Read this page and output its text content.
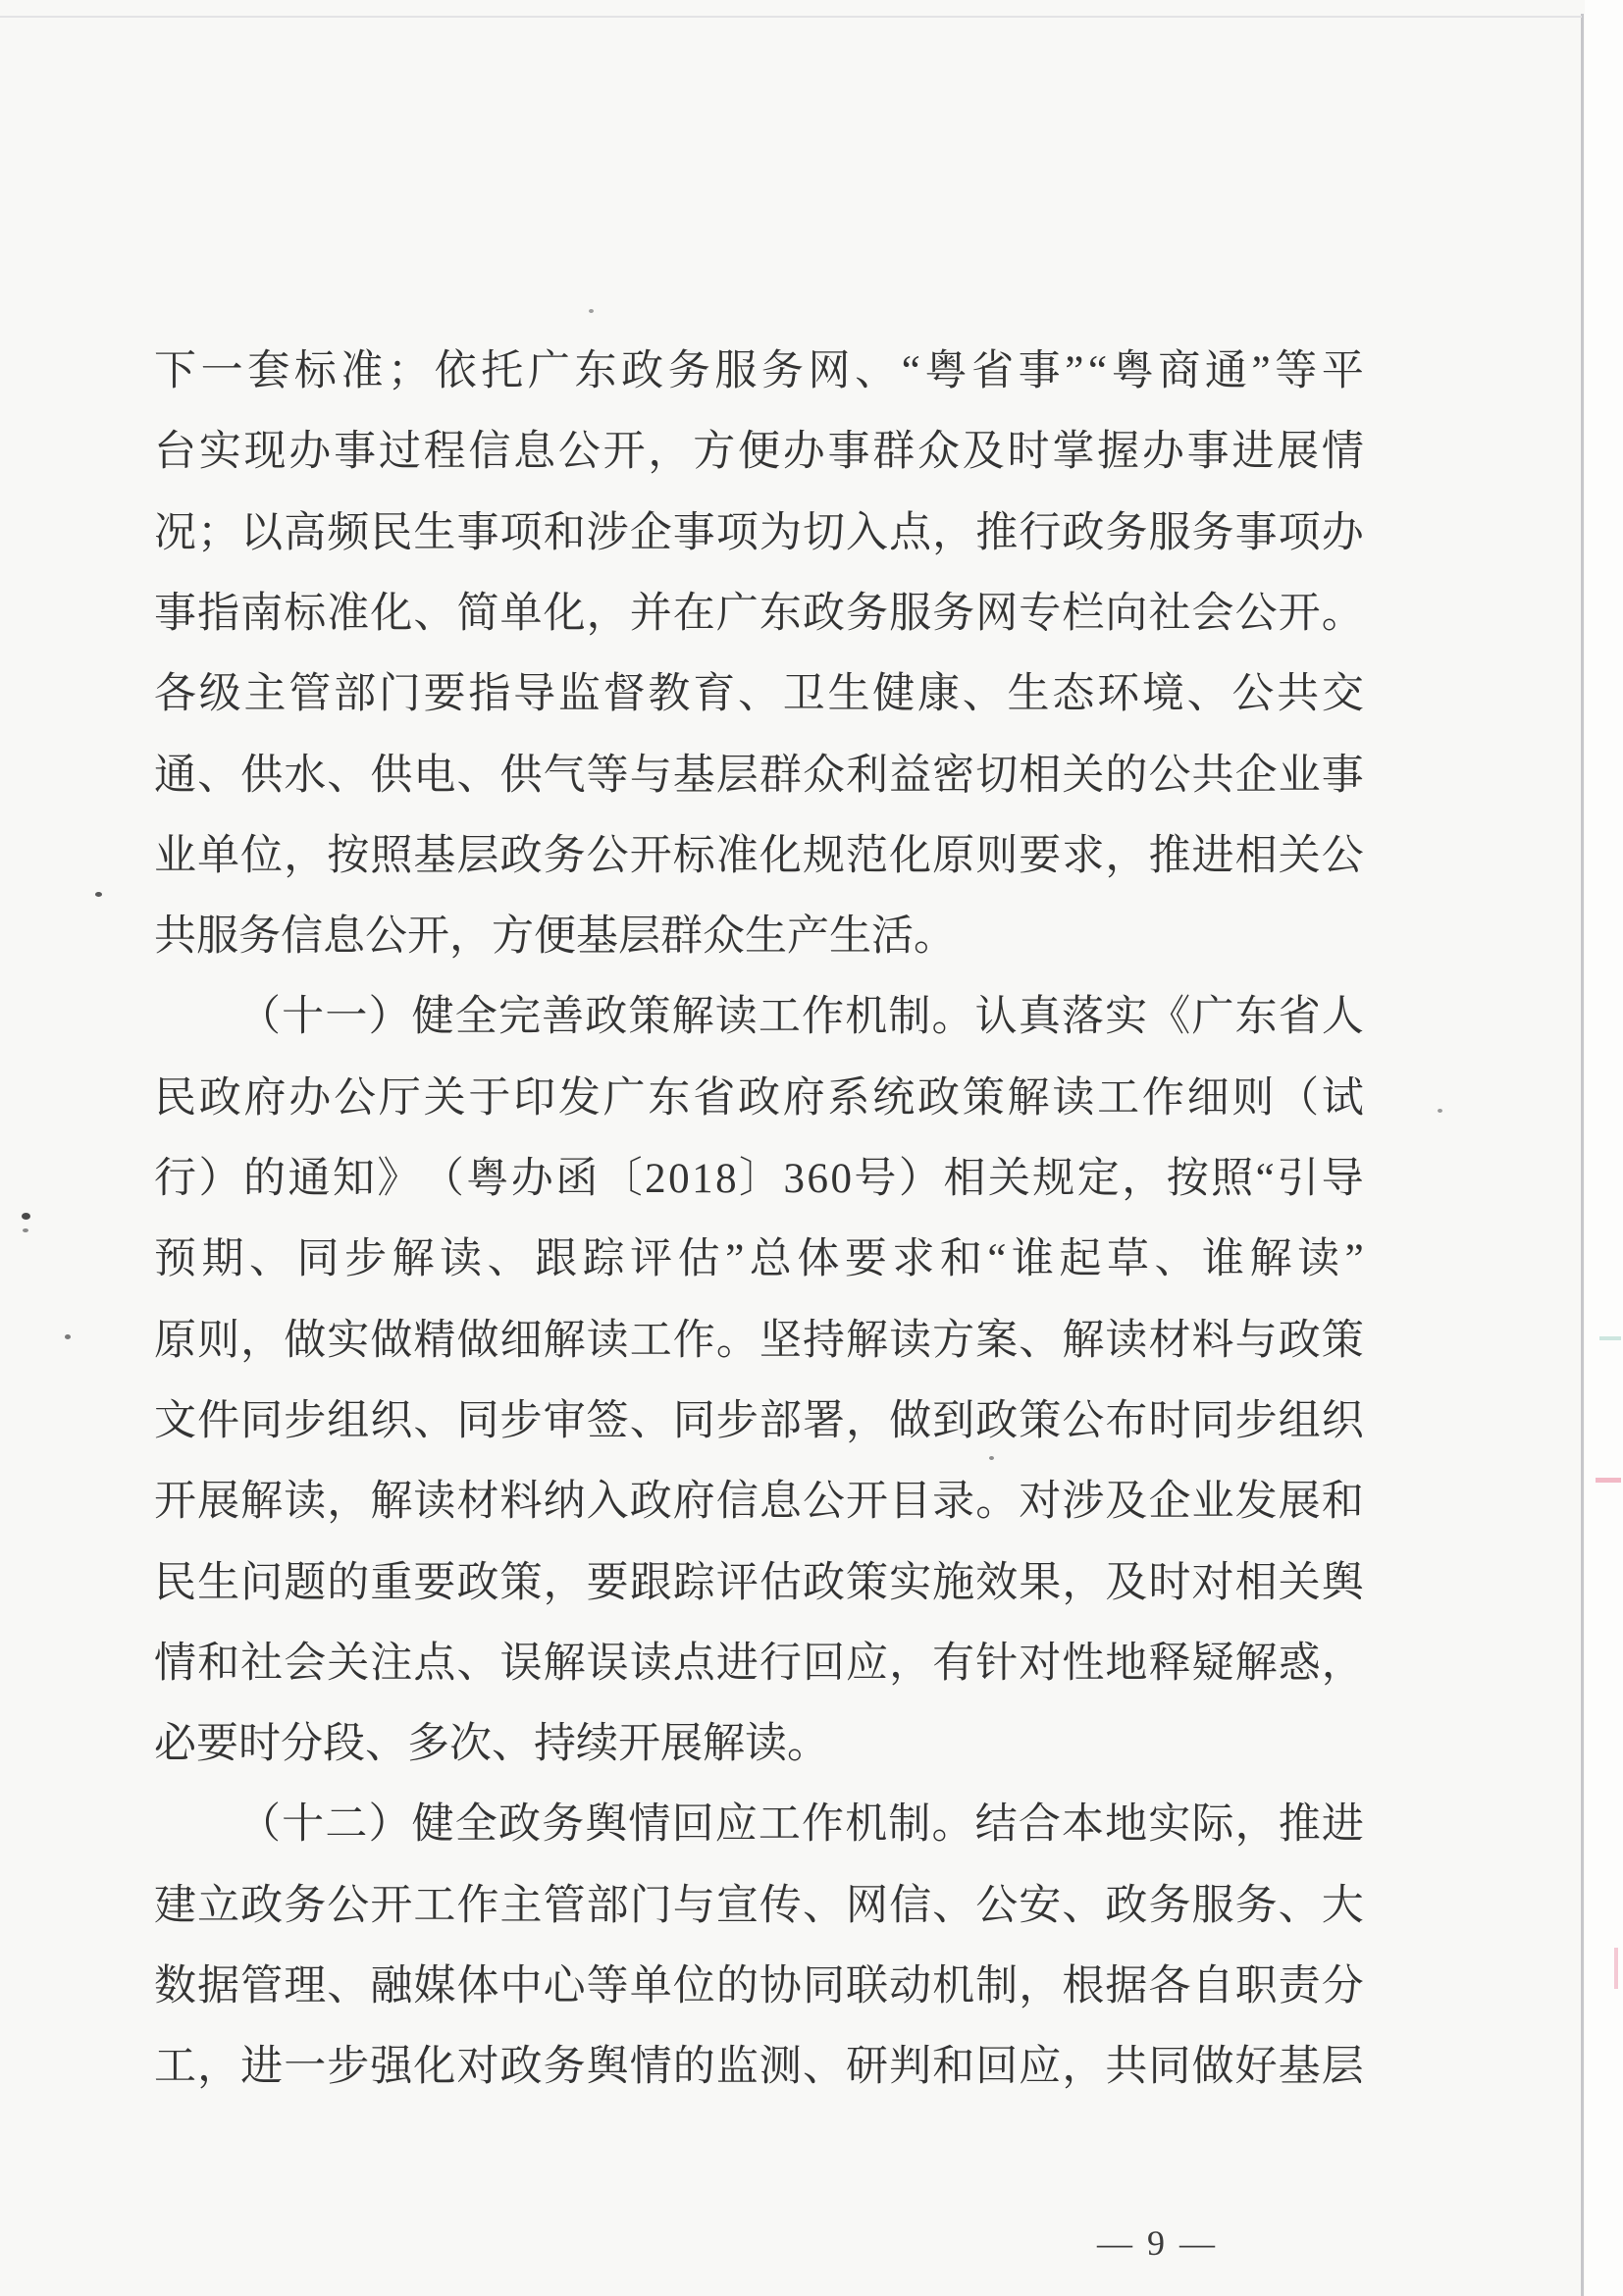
下 一 套 标 准 ； 依 托 广 东 政 务 服 务 网 、 “ 粤 省 事 ” “ 粤 商 通 ” 等 平
台 实 现 办 事 过 程 信 息 公 开 ， 方 便 办 事 群 众 及 时 掌 握 办 事 进 展 情
况 ； 以 高 频 民 生 事 项 和 涉 企 事 项 为 切 入 点 ， 推 行 政 务 服 务 事 项 办
事 指 南 标 准 化 、 简 单 化 ， 并 在 广 东 政 务 服 务 网 专 栏 向 社 会 公 开 。
各 级 主 管 部 门 要 指 导 监 督 教 育 、 卫 生 健 康 、 生 态 环 境 、 公 共 交
通 、 供 水 、 供 电 、 供 气 等 与 基 层 群 众 利 益 密 切 相 关 的 公 共 企 业 事
业 单 位 ， 按 照 基 层 政 务 公 开 标 准 化 规 范 化 原 则 要 求 ， 推 进 相 关 公
共 服 务 信 息 公 开 ， 方 便 基 层 群 众 生 产 生 活 。
（ 十 一 ） 健 全 完 善 政 策 解 读 工 作 机 制 。 认 真 落 实 《 广 东 省 人
民 政 府 办 公 厅 关 于 印 发 广 东 省 政 府 系 统 政 策 解 读 工 作 细 则 （ 试
行 ） 的 通 知 》 （ 粤 办 函 〔 2 0 1 8 〕 3 6 0 号 ） 相 关 规 定 ， 按 照 “ 引 导
预 期 、 同 步 解 读 、 跟 踪 评 估 ” 总 体 要 求 和 “ 谁 起 草 、 谁 解 读 ”
原 则 ， 做 实 做 精 做 细 解 读 工 作 。 坚 持 解 读 方 案 、 解 读 材 料 与 政 策
文 件 同 步 组 织 、 同 步 审 签 、 同 步 部 署 ， 做 到 政 策 公 布 时 同 步 组 织
开 展 解 读 ， 解 读 材 料 纳 入 政 府 信 息 公 开 目 录 。 对 涉 及 企 业 发 展 和
民 生 问 题 的 重 要 政 策 ， 要 跟 踪 评 估 政 策 实 施 效 果 ， 及 时 对 相 关 舆
情 和 社 会 关 注 点 、 误 解 误 读 点 进 行 回 应 ， 有 针 对 性 地 释 疑 解 惑 ，
必 要 时 分 段 、 多 次 、 持 续 开 展 解 读 。
（ 十 二 ） 健 全 政 务 舆 情 回 应 工 作 机 制 。 结 合 本 地 实 际 ， 推 进
建 立 政 务 公 开 工 作 主 管 部 门 与 宣 传 、 网 信 、 公 安 、 政 务 服 务 、 大
数 据 管 理 、 融 媒 体 中 心 等 单 位 的 协 同 联 动 机 制 ， 根 据 各 自 职 责 分
工 ， 进 一 步 强 化 对 政 务 舆 情 的 监 测 、 研 判 和 回 应 ， 共 同 做 好 基 层
— 9 —
